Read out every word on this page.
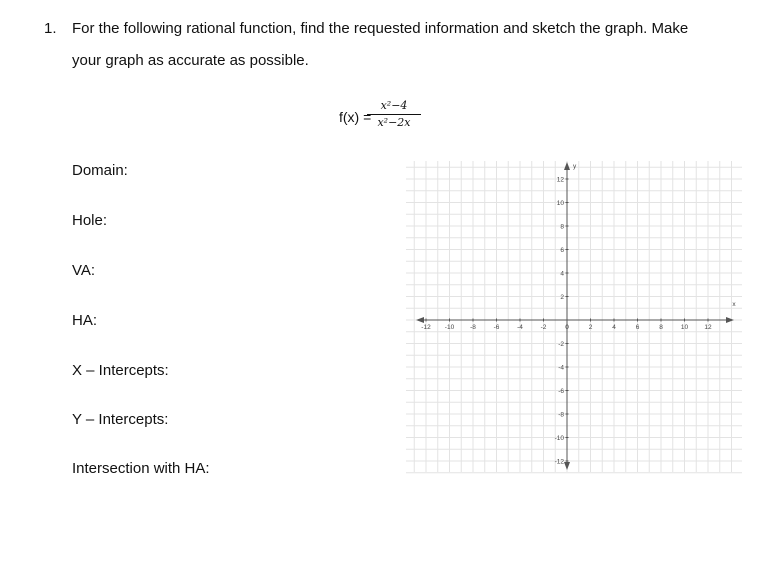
1. For the following rational function, find the requested information and sketch the graph. Make
your graph as accurate as possible.
f(x) =
x²−4
x²−2x
Domain:
Hole:
VA:
HA:
X – Intercepts:
Y – Intercepts:
Intersection with HA:
-12 -10 -8	-6	-4	-2	0	2	4	6	8	10	12
12
10
8
6
4
2
-2
-4
-6
-8
-10
-12
x
y
